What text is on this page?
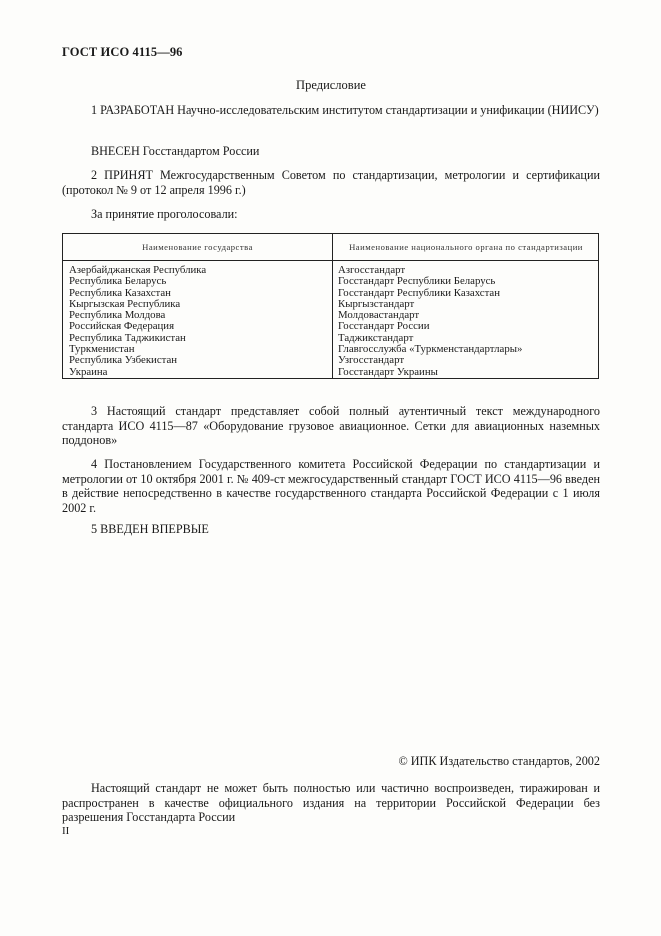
ГОСТ ИСО 4115—96
Предисловие

1 РАЗРАБОТАН Научно-исследовательским институтом стандартизации и унификации (НИИСУ)

ВНЕСЕН Госстандартом России

2 ПРИНЯТ Межгосударственным Советом по стандартизации, метрологии и сертификации (протокол № 9 от 12 апреля 1996 г.)

За принятие проголосовали:

Наименование государства	Наименование национального органа по стандартизации
Азербайджанская Республика
Республика Беларусь
Республика Казахстан
Кыргызская Республика
Республика Молдова
Российская Федерация
Республика Таджикистан
Туркменистан
Республика Узбекистан
Украина
Азгосстандарт
Госстандарт Республики Беларусь
Госстандарт Республики Казахстан
Кыргызстандарт
Молдовастандарт
Госстандарт России
Таджикстандарт
Главгосслужба «Туркменстандартлары»
Узгосстандарт
Госстандарт Украины

3 Настоящий стандарт представляет собой полный аутентичный текст международного стандарта ИСО 4115—87 «Оборудование грузовое авиационное. Сетки для авиационных наземных поддонов»

4 Постановлением Государственного комитета Российской Федерации по стандартизации и метрологии от 10 октября 2001 г. № 409-ст межгосударственный стандарт ГОСТ ИСО 4115—96 введен в действие непосредственно в качестве государственного стандарта Российской Федерации с 1 июля 2002 г.

5 ВВЕДЕН ВПЕРВЫЕ

© ИПК Издательство стандартов, 2002

Настоящий стандарт не может быть полностью или частично воспроизведен, тиражирован и распространен в качестве официального издания на территории Российской Федерации без разрешения Госстандарта России

II
